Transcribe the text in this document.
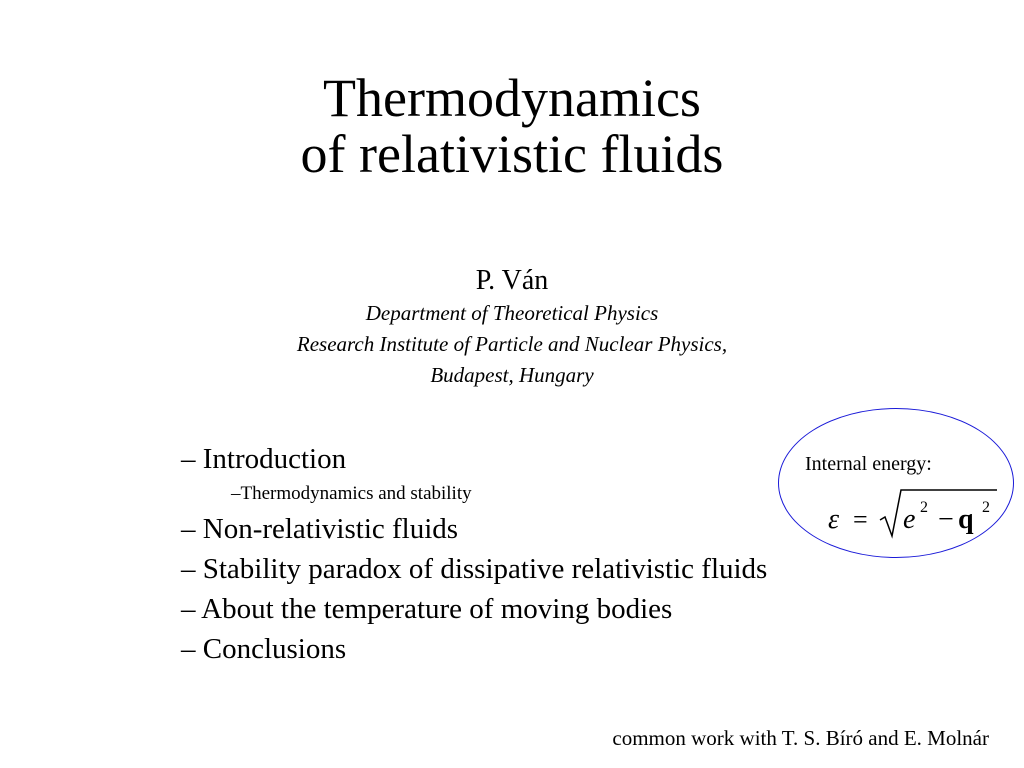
Thermodynamics
of relativistic fluids
P. Ván
Department of Theoretical Physics
Research Institute of Particle and Nuclear Physics,
Budapest, Hungary
– Introduction
–Thermodynamics and stability
– Non-relativistic fluids
– Stability paradox of dissipative relativistic fluids
– About the temperature of moving bodies
– Conclusions
Internal energy:
ε = e 2 − q 2
common work with T. S. Bíró and E. Molnár
